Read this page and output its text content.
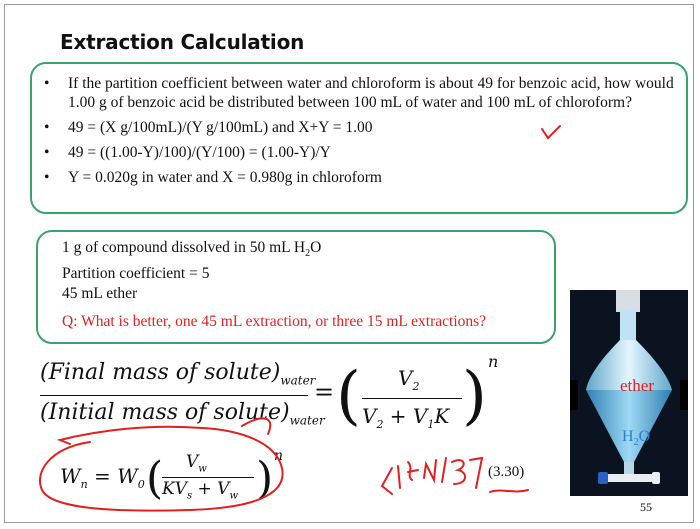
Extraction Calculation
• If the partition coefficient between water and chloroform is about 49 for benzoic acid, how would 1.00 g of benzoic acid be distributed between 100 mL of water and 100 mL of chloroform?
• 49 = (X g/100mL)/(Y g/100mL) and X+Y = 1.00
• 49 = ((1.00-Y)/100)/(Y/100) = (1.00-Y)/Y
• Y = 0.020g in water and X = 0.980g in chloroform
1 g of compound dissolved in 50 mL $H_2O$
Partition coefficient = 5
45 mL ether
Q: What is better, one 45 mL extraction, or three 15 mL extractions?
(Final mass of $solute)_{water}$
(Initial mass of $solute)_{water}$
= ( $V_2$
$V_2 + V_1K$ ) n
$W_n = W_0$ ( $V_w$
$KV_s + V_w$ ) n
(3.30)
ether
$H_2O$
55
